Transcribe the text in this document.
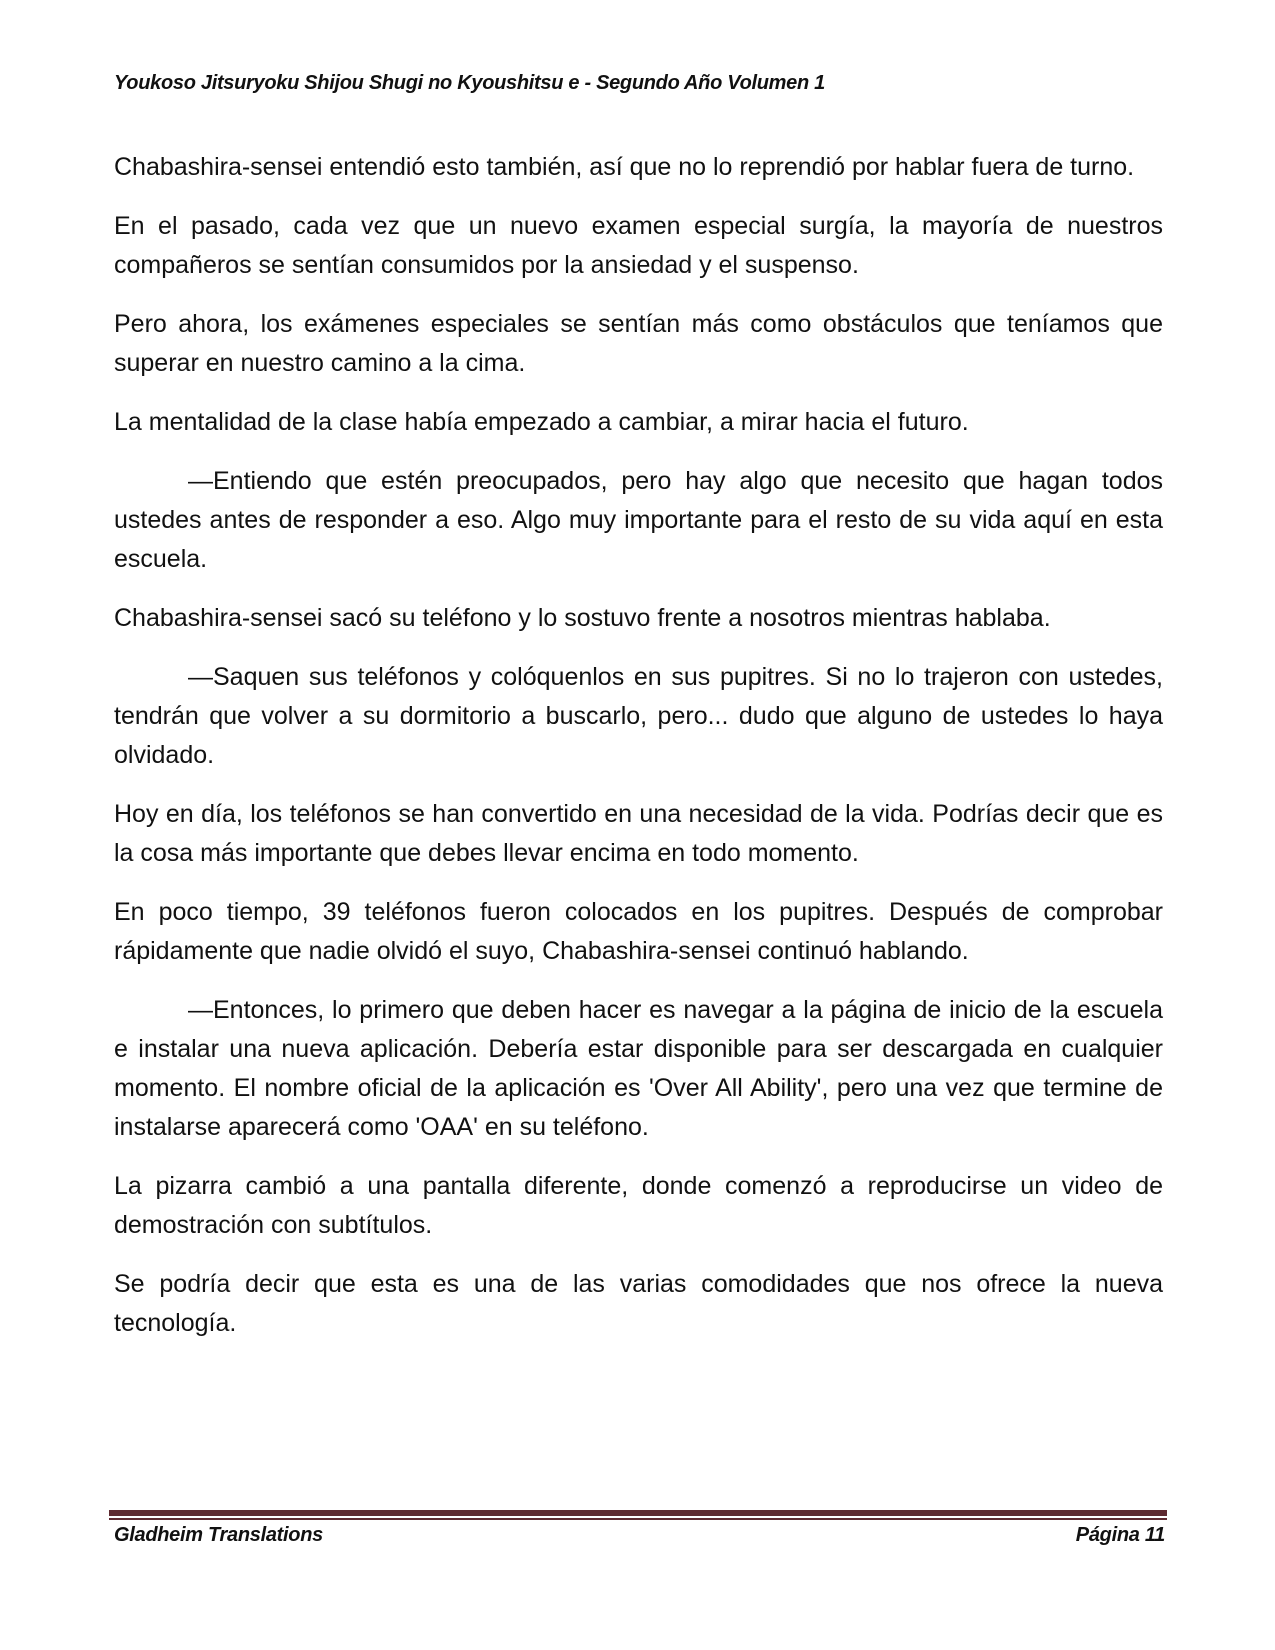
Youkoso Jitsuryoku Shijou Shugi no Kyoushitsu e - Segundo Año Volumen 1

Chabashira-sensei entendió esto también, así que no lo reprendió por hablar fuera de turno.

En el pasado, cada vez que un nuevo examen especial surgía, la mayoría de nuestros compañeros se sentían consumidos por la ansiedad y el suspenso.

Pero ahora, los exámenes especiales se sentían más como obstáculos que teníamos que superar en nuestro camino a la cima.

La mentalidad de la clase había empezado a cambiar, a mirar hacia el futuro.

—Entiendo que estén preocupados, pero hay algo que necesito que hagan todos ustedes antes de responder a eso. Algo muy importante para el resto de su vida aquí en esta escuela.

Chabashira-sensei sacó su teléfono y lo sostuvo frente a nosotros mientras hablaba.

—Saquen sus teléfonos y colóquenlos en sus pupitres. Si no lo trajeron con ustedes, tendrán que volver a su dormitorio a buscarlo, pero... dudo que alguno de ustedes lo haya olvidado.

Hoy en día, los teléfonos se han convertido en una necesidad de la vida. Podrías decir que es la cosa más importante que debes llevar encima en todo momento.

En poco tiempo, 39 teléfonos fueron colocados en los pupitres. Después de comprobar rápidamente que nadie olvidó el suyo, Chabashira-sensei continuó hablando.

—Entonces, lo primero que deben hacer es navegar a la página de inicio de la escuela e instalar una nueva aplicación. Debería estar disponible para ser descargada en cualquier momento. El nombre oficial de la aplicación es 'Over All Ability', pero una vez que termine de instalarse aparecerá como 'OAA' en su teléfono.

La pizarra cambió a una pantalla diferente, donde comenzó a reproducirse un video de demostración con subtítulos.

Se podría decir que esta es una de las varias comodidades que nos ofrece la nueva tecnología.

Gladheim Translations	Página 11
